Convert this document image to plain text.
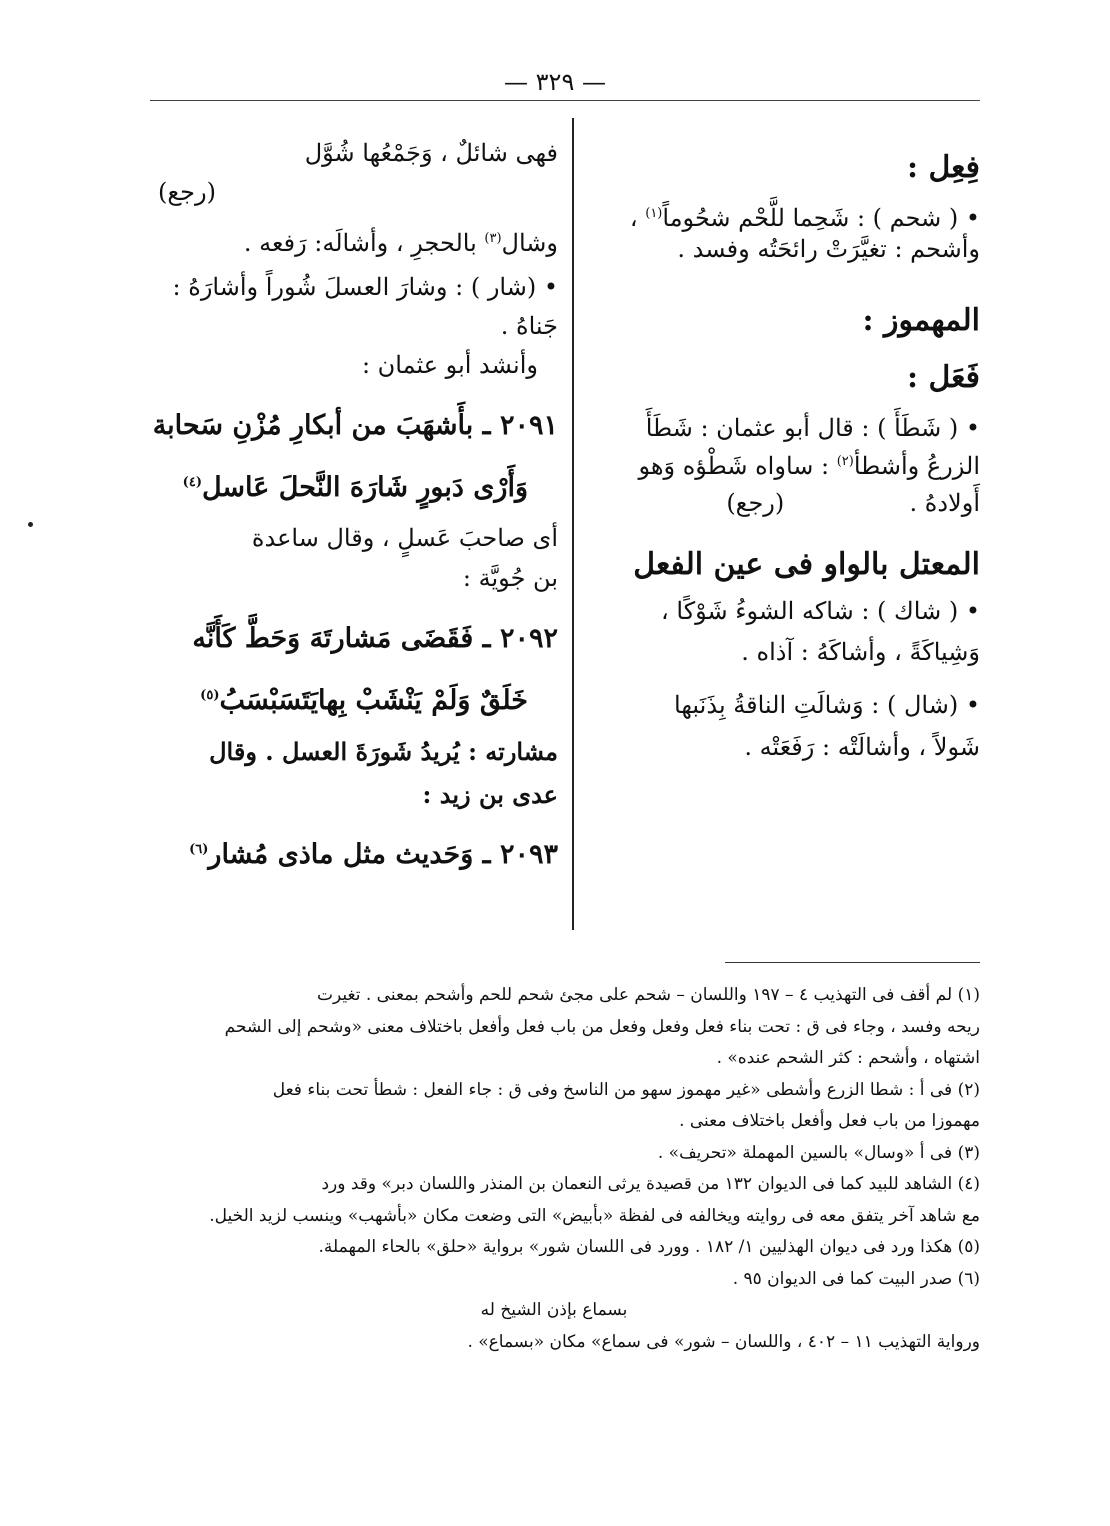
— ٣٢٩ —
فِعِل :

• ( شحم ) : شَحِما للَّحْم شحُوماً$^{(١)}$ ،

وأشحم : تغيَّرَتْ رائحَتُه وفسد .

المهموز :
فَعَل :

• ( شَطَأَ ) : قال أبو عثمان : شَطَأَ

الزرعُ وأشطأ$^{(٢)}$ : ساواه شَطْؤه وَهو

أَولادهُ .  (رجع)

المعتل بالواو فى عين الفعل

• ( شاك ) : شاكه الشوءُ شَوْكًا ،

وَشِياكَةً ، وأشاكَهُ : آذاه .

• (شال ) : وَشالَتِ الناقةُ بِذَنَبها

شَولاً ، وأشالَتْه : رَفَعَتْه .

فهى شائلٌ ، وَجَمْعُها شُوَّل

(رجع)

وشال$^{(٣)}$ بالحجرِ ، وأشالَه: رَفعه .

• (شار ) : وشارَ العسلَ شُوراً وأشارَهُ :

جَناهُ .

وأنشد أبو عثمان :

٢٠٩١ ـ بأَشهَبَ من أبكارِ مُزْنِ سَحابة

وَأَرْى دَبورٍ شَارَهَ النَّحلَ عَاسل$^{(٤)}$

أى صاحبَ عَسلٍ ، وقال ساعدة

بن جُويَّة :

٢٠٩٢ ـ فَقَضَى مَشارتَهَ وَحَطَّ كَأَنَّه

خَلَقٌ وَلَمْ يَنْشَبْ بِهايَتَسَبْسَبُ$^{(٥)}$

مشارته : يُريدُ شَورَةَ العسل . وقال

عدى بن زيد :

٢٠٩٣ ـ وَحَديث مثل ماذى مُشار$^{(٦)}$

(١) لم أقف فى التهذيب ٤ – ١٩٧ واللسان – شحم على مجئ شحم للحم وأشحم بمعنى . تغيرت

ريحه وفسد ، وجاء فى ق : تحت بناء فعل وفعل وفعل من باب فعل وأفعل باختلاف معنى «وشحم إلى الشحم

اشتهاه ، وأشحم : كثر الشحم عنده» .

(٢) فى أ : شطا الزرع وأشطى «غير مهموز سهو من الناسخ وفى ق : جاء الفعل : شطأ تحت بناء فعل

مهموزا من باب فعل وأفعل باختلاف معنى .

(٣) فى أ «وسال» بالسين المهملة «تحريف» .

(٤) الشاهد للبيد كما فى الديوان ١٣٢ من قصيدة يرثى النعمان بن المنذر واللسان دبر» وقد ورد

مع شاهد آخر يتفق معه فى روايته ويخالفه فى لفظة «بأبيض» التى وضعت مكان «بأشهب» وينسب لزيد الخيل.

(٥) هكذا ورد فى ديوان الهذليين ١/ ١٨٢ . وورد فى اللسان شور» برواية «حلق» بالحاء المهملة.

(٦) صدر البيت كما فى الديوان ٩٥ .

بسماع بإذن الشيخ له

ورواية التهذيب ١١ – ٤٠٢ ، واللسان – شور» فى سماع» مكان «بسماع» .
